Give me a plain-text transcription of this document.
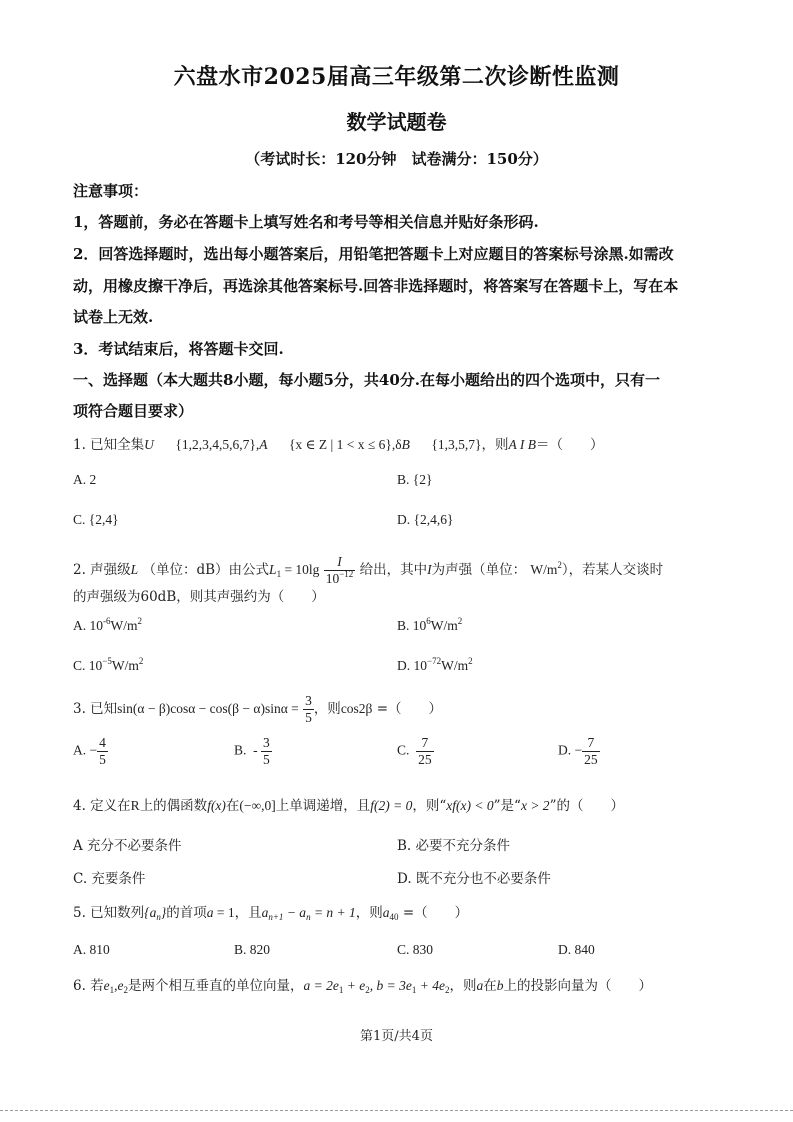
六盘水市2025届高三年级第二次诊断性监测
数学试题卷
（考试时长：120分钟　试卷满分：150分）
注意事项：
1，答题前，务必在答题卡上填写姓名和考号等相关信息并贴好条形码.
2．回答选择题时，选出每小题答案后，用铅笔把答题卡上对应题目的答案标号涂黑.如需改
动，用橡皮擦干净后，再选涂其他答案标号.回答非选择题时，将答案写在答题卡上，写在本
试卷上无效.
3．考试结束后，将答题卡交回.
一、选择题（本大题共8小题，每小题5分，共40分.在每小题给出的四个选项中，只有一
项符合题目要求）
1. 已知全集U {1,2,3,4,5,6,7},A {x ∈ Z | 1 < x ≤ 6},δB {1,3,5,7}，则A I B＝（　　）
A. 2	B. {2}
C. {2,4}	D. {2,4,6}
2. 声强级L （单位：dB）由公式$L_1 = 10\lg \frac{I}{10^{-12}}$ 给出，其中I为声强（单位： $W/m^2$），若某人交谈时
的声强级为60dB，则其声强约为（　　）
A. $10^{-6}W/m^2$	B. $10^6W/m^2$
C. $10^{-5}W/m^2$	D. $10^{-72}W/m^2$
3. 已知$\sin(\alpha - \beta)\cos\alpha - \cos(\beta - \alpha)\sin\alpha = \frac{3}{5}$ ，则cos2β =（　　）
A. − $\frac{4}{5}$	B. - $\frac{3}{5}$	C. $\frac{7}{25}$	D. − $\frac{7}{25}$
4. 定义在R上的偶函数f(x)在(−∞,0]上单调递增，且f(2) = 0，则“xf(x) < 0”是“x > 2”的（　　）
A 充分不必要条件	B. 必要不充分条件
C. 充要条件	D. 既不充分也不必要条件
5. 已知数列$\{a_n\}$的首项a = 1，且$a_{n+1} - a_n = n + 1$，则$a_{40}$ =（　　）
A. 810	B. 820	C. 830	D. 840
6. 若$e_1,e_2$是两个相互垂直的单位向量，$a = 2e_1 + e_2$, $b = 3e_1 + 4e_2$，则a在b上的投影向量为（　　）
第1页/共4页
